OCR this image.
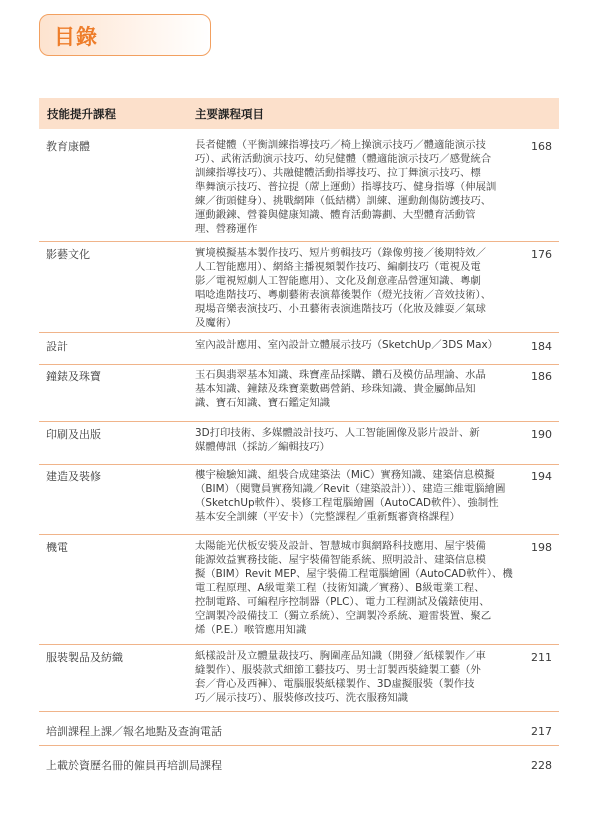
目錄
技能提升課程	主要課程項目
教育康體	長者健體（平衡訓練指導技巧／椅上操演示技巧／體適能演示技
巧）、武術活動演示技巧、幼兒健體（體適能演示技巧／感覺統合
訓練指導技巧）、共融健體活動指導技巧、拉丁舞演示技巧、標
準舞演示技巧、普拉提（蓆上運動）指導技巧、健身指導（伸展訓
練／街頭健身）、挑戰網陣（低結構）訓練、運動創傷防護技巧、
運動鍛鍊、營養與健康知識、體育活動籌劃、大型體育活動管
理、營務運作
168
影藝文化	實境模擬基本製作技巧、短片剪輯技巧（錄像剪接／後期特效／
人工智能應用）、網絡主播視頻製作技巧、編劇技巧（電視及電
影／電視短劇人工智能應用）、文化及創意產品營運知識、粵劇
唱唸進階技巧、粵劇藝術表演幕後製作（燈光技術／音效技術）、
現場音樂表演技巧、小丑藝術表演進階技巧（化妝及雜耍／氣球
及魔術）
176
設計	室內設計應用、室內設計立體展示技巧（SketchUp／3DS Max）	184
鐘錶及珠寶	玉石與翡翠基本知識、珠寶產品採購、鑽石及模仿品理論、水晶
基本知識、鐘錶及珠寶業數碼營銷、珍珠知識、貴金屬飾品知
識、寶石知識、寶石鑑定知識
186
印刷及出版	3D打印技術、多媒體設計技巧、人工智能圖像及影片設計、新
媒體傳訊（採訪／編輯技巧）
190
建造及裝修	樓宇檢驗知識、組裝合成建築法（MiC）實務知識、建築信息模擬
（BIM）（閱覽員實務知識／Revit（建築設計））、建造三維電腦繪圖
（SketchUp軟件）、裝修工程電腦繪圖（AutoCAD軟件）、強制性
基本安全訓練（平安卡）（完整課程／重新甄審資格課程）
194
機電	太陽能光伏板安裝及設計、智慧城市與網路科技應用、屋宇裝備
能源效益實務技能、屋宇裝備智能系統、照明設計、建築信息模
擬（BIM）Revit MEP、屋宇裝備工程電腦繪圖（AutoCAD軟件）、機
電工程原理、A級電業工程（技術知識／實務）、B級電業工程、
控制電路、可編程序控制器（PLC）、電力工程測試及儀錶使用、
空調製冷設備技工（獨立系統）、空調製冷系統、避雷裝置、聚乙
烯（P.E.）喉管應用知識
198
服裝製品及紡織	紙樣設計及立體量裁技巧、胸圍產品知識（開發／紙樣製作／車
縫製作）、服裝款式細節工藝技巧、男士訂製西裝縫製工藝（外
套／背心及西褲）、電腦服裝紙樣製作、3D虛擬服裝（製作技
巧／展示技巧）、服裝修改技巧、洗衣服務知識
211
培訓課程上課／報名地點及查詢電話	217
上載於資歷名冊的僱員再培訓局課程	228
